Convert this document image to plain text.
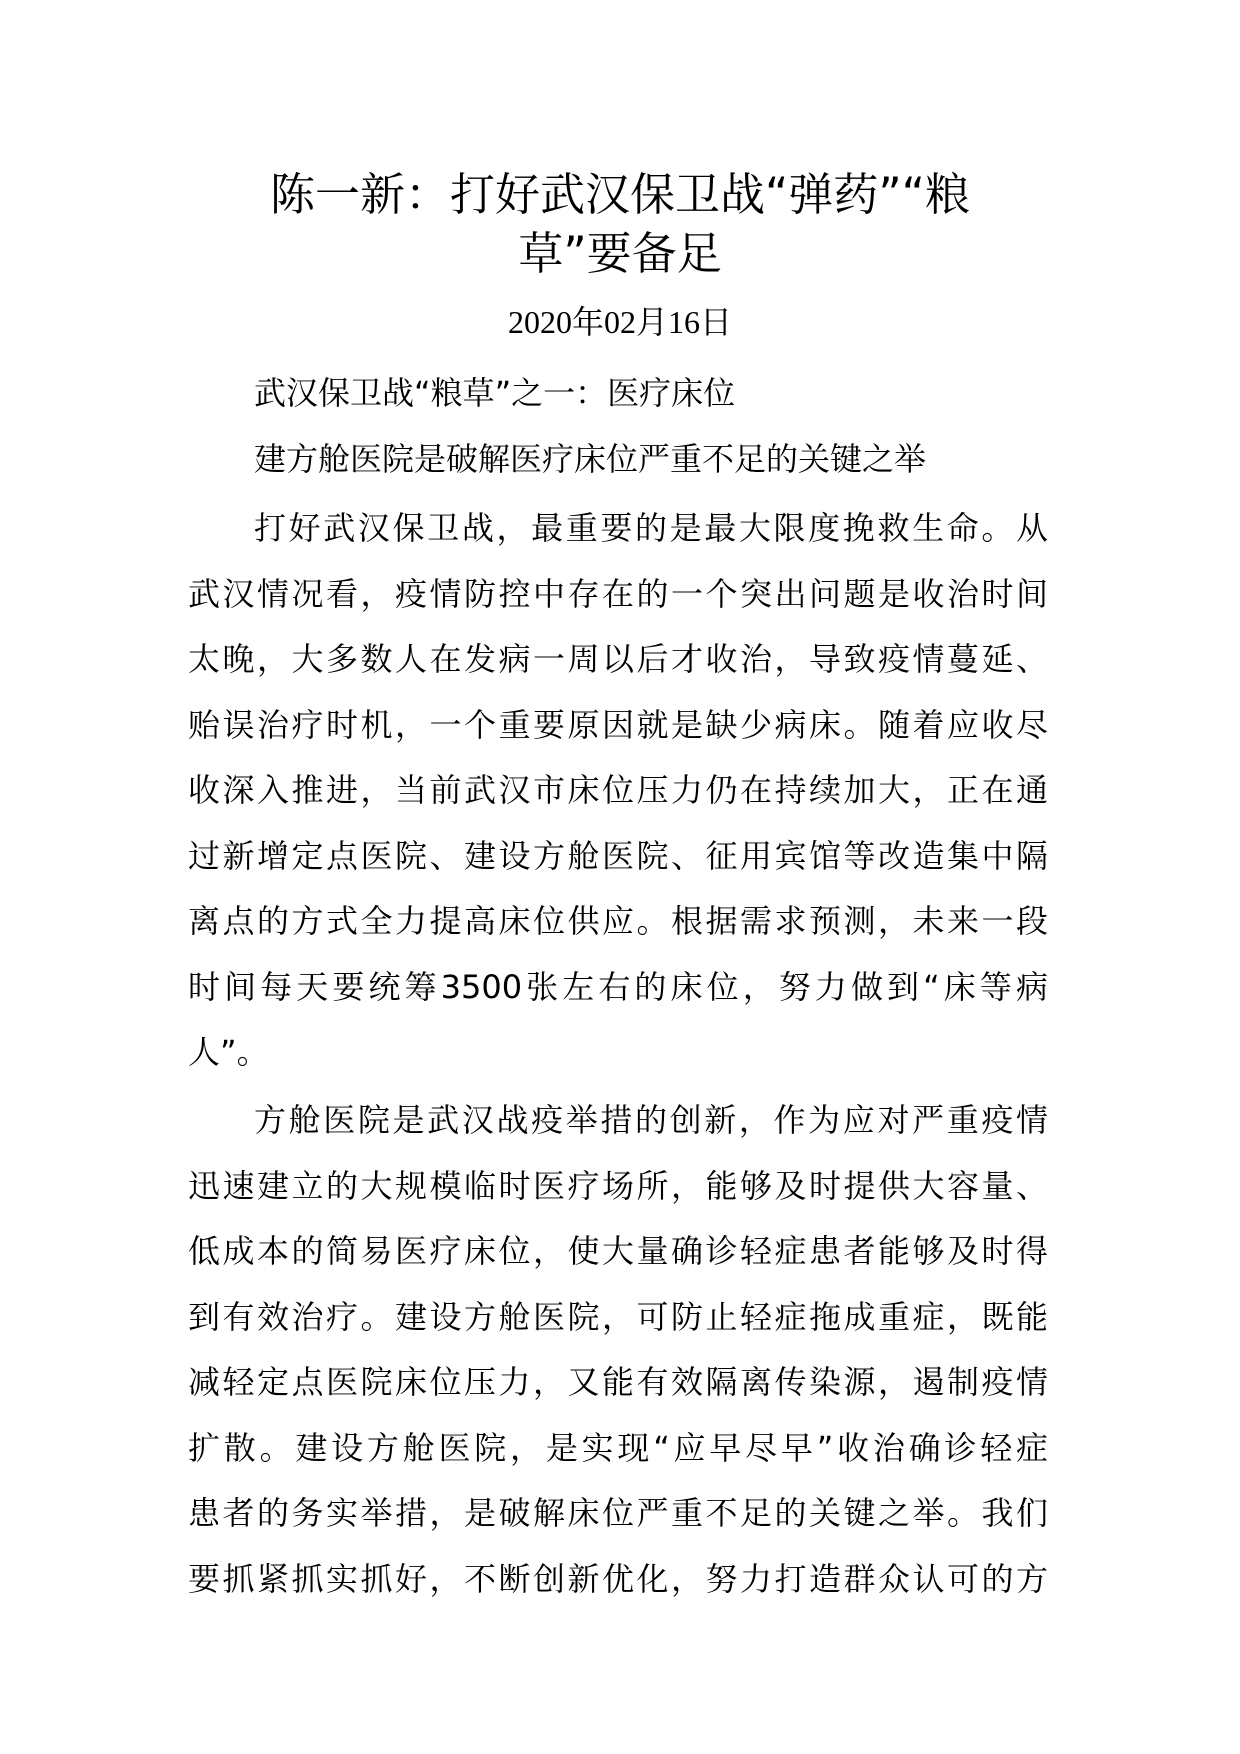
陈一新：打好武汉保卫战“弹药”“粮
草”要备足
2020年02月16日
武汉保卫战“粮草”之一：医疗床位
建方舱医院是破解医疗床位严重不足的关键之举
打好武汉保卫战，最重要的是最大限度挽救生命。从
武汉情况看，疫情防控中存在的一个突出问题是收治时间
太晚，大多数人在发病一周以后才收治，导致疫情蔓延、
贻误治疗时机，一个重要原因就是缺少病床。随着应收尽
收深入推进，当前武汉市床位压力仍在持续加大，正在通
过新增定点医院、建设方舱医院、征用宾馆等改造集中隔
离点的方式全力提高床位供应。根据需求预测，未来一段
时间每天要统筹3500张左右的床位，努力做到“床等病
人”。
方舱医院是武汉战疫举措的创新，作为应对严重疫情
迅速建立的大规模临时医疗场所，能够及时提供大容量、
低成本的简易医疗床位，使大量确诊轻症患者能够及时得
到有效治疗。建设方舱医院，可防止轻症拖成重症，既能
减轻定点医院床位压力，又能有效隔离传染源，遏制疫情
扩散。建设方舱医院，是实现“应早尽早”收治确诊轻症
患者的务实举措，是破解床位严重不足的关键之举。我们
要抓紧抓实抓好，不断创新优化，努力打造群众认可的方
